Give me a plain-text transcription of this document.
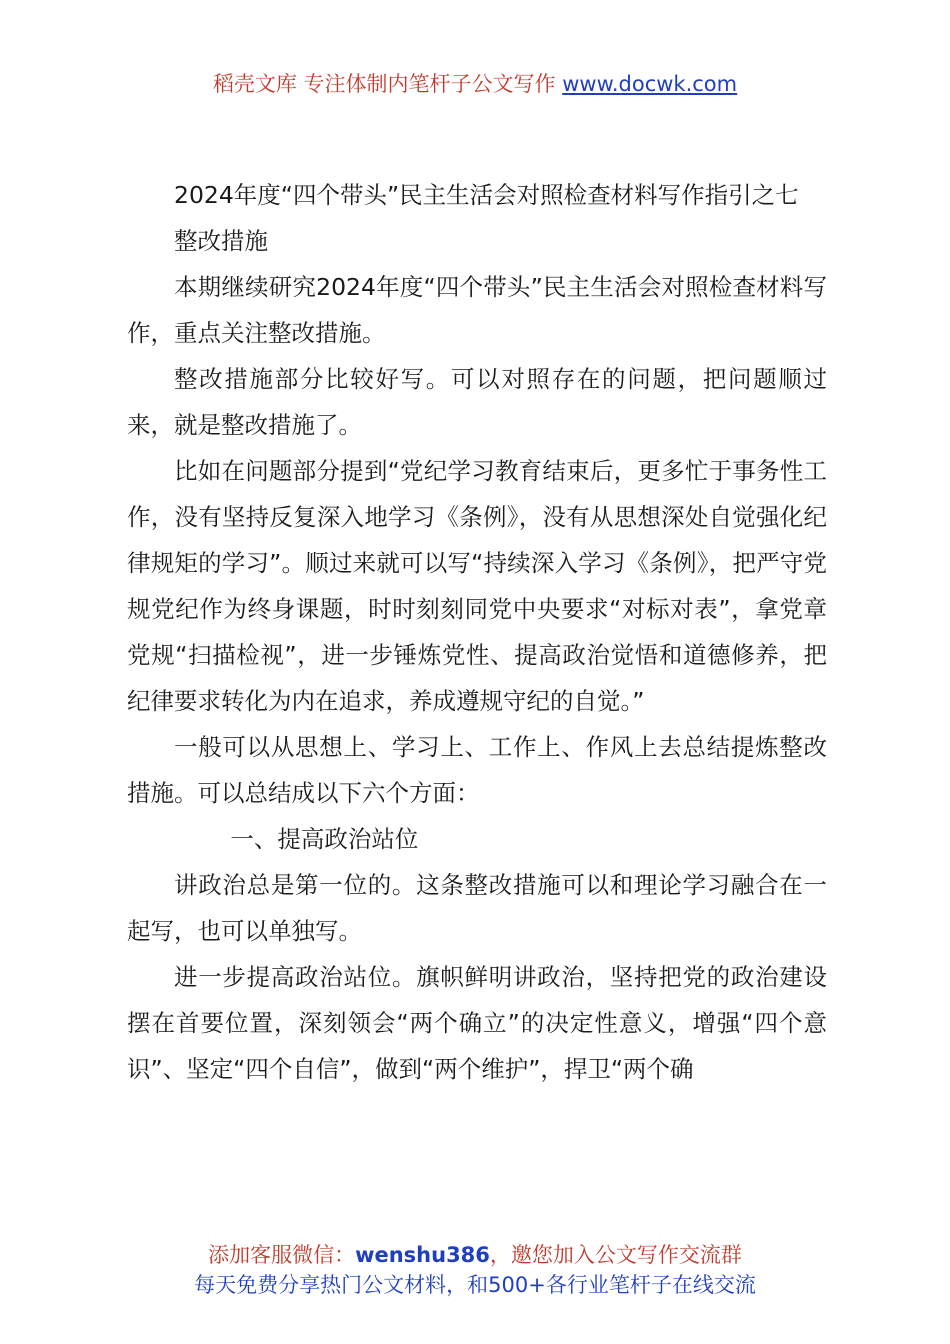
稻壳文库 专注体制内笔杆子公文写作 www.docwk.com

2024年度“四个带头”民主生活会对照检查材料写作指引之七

整改措施

本期继续研究2024年度“四个带头”民主生活会对照检查材料写作，重点关注整改措施。

整改措施部分比较好写。可以对照存在的问题，把问题顺过来，就是整改措施了。

比如在问题部分提到“党纪学习教育结束后，更多忙于事务性工作，没有坚持反复深入地学习《条例》，没有从思想深处自觉强化纪律规矩的学习”。顺过来就可以写“持续深入学习《条例》，把严守党规党纪作为终身课题，时时刻刻同党中央要求“对标对表”，拿党章党规“扫描检视”，进一步锤炼党性、提高政治觉悟和道德修养，把纪律要求转化为内在追求，养成遵规守纪的自觉。”

一般可以从思想上、学习上、工作上、作风上去总结提炼整改措施。可以总结成以下六个方面：

一、提高政治站位

讲政治总是第一位的。这条整改措施可以和理论学习融合在一起写，也可以单独写。

进一步提高政治站位。旗帜鲜明讲政治，坚持把党的政治建设摆在首要位置，深刻领会“两个确立”的决定性意义，增强“四个意识”、坚定“四个自信”，做到“两个维护”，捍卫“两个确

添加客服微信：wenshu386，邀您加入公文写作交流群
每天免费分享热门公文材料，和500+各行业笔杆子在线交流
